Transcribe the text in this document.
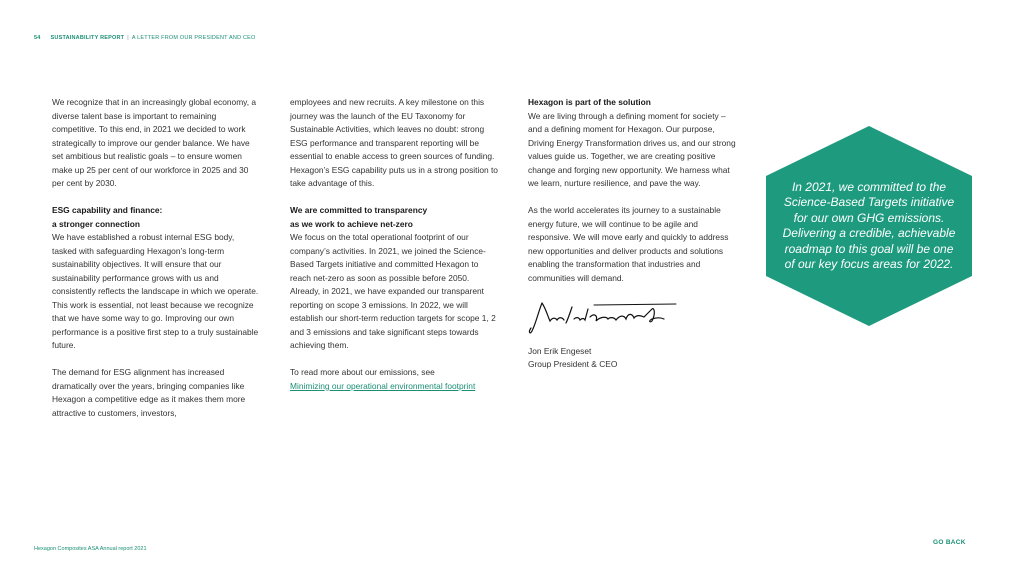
54 SUSTAINABILITY REPORT | A LETTER FROM OUR PRESIDENT AND CEO

We recognize that in an increasingly global economy, a diverse talent base is important to remaining competitive. To this end, in 2021 we decided to work strategically to improve our gender balance. We have set ambitious but realistic goals – to ensure women make up 25 per cent of our workforce in 2025 and 30 per cent by 2030.

ESG capability and finance:
a stronger connection

We have established a robust internal ESG body, tasked with safeguarding Hexagon’s long-term sustainability objectives. It will ensure that our sustainability performance grows with us and consistently reflects the landscape in which we operate. This work is essential, not least because we recognize that we have some way to go. Improving our own performance is a positive first step to a truly sustainable future.

The demand for ESG alignment has increased dramatically over the years, bringing companies like Hexagon a competitive edge as it makes them more attractive to customers, investors,

employees and new recruits. A key milestone on this journey was the launch of the EU Taxonomy for Sustainable Activities, which leaves no doubt: strong ESG performance and transparent reporting will be essential to enable access to green sources of funding. Hexagon’s ESG capability puts us in a strong position to take advantage of this.

We are committed to transparency
as we work to achieve net-zero

We focus on the total operational footprint of our company’s activities. In 2021, we joined the Science-Based Targets initiative and committed Hexagon to reach net-zero as soon as possible before 2050. Already, in 2021, we have expanded our transparent reporting on scope 3 emissions. In 2022, we will establish our short-term reduction targets for scope 1, 2 and 3 emissions and take significant steps towards achieving them.

To read more about our emissions, see
Minimizing our operational environmental footprint

Hexagon is part of the solution

We are living through a defining moment for society – and a defining moment for Hexagon. Our purpose, Driving Energy Transformation drives us, and our strong values guide us. Together, we are creating positive change and forging new opportunity. We harness what we learn, nurture resilience, and pave the way.

As the world accelerates its journey to a sustainable energy future, we will continue to be agile and responsive. We will move early and quickly to address new opportunities and deliver products and solutions enabling the transformation that industries and communities will demand.

Jon Erik Engeset
Group President & CEO
In 2021, we committed to the Science-Based Targets initiative for our own GHG emissions. Delivering a credible, achievable roadmap to this goal will be one of our key focus areas for 2022.
Hexagon Composites ASA Annual report 2021
GO BACK
